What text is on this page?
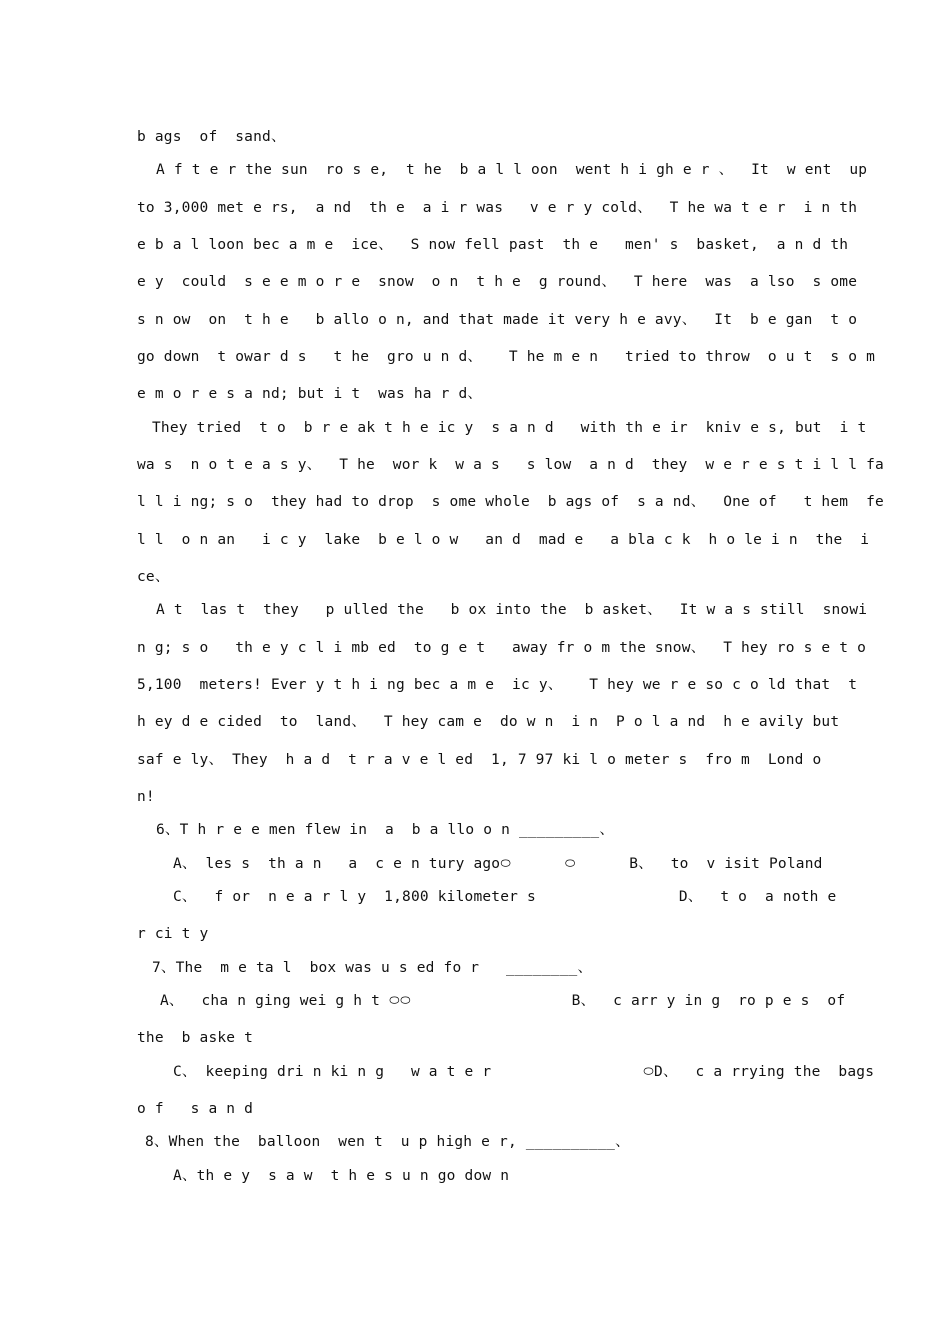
b ags  of  sand、
A f t e r the sun  ro s e,  t he  b a l l oon  went h i gh e r 、  It  w ent  up
to 3,000 met e rs,  a nd  th e  a i r was   v e r y cold、  T he wa t e r  i n th
e b a l loon bec a m e  ice、  S now fell past  th e   men' s  basket,  a n d th
e y  could  s e e m o r e  snow  o n  t h e  g round、  T here  was  a lso  s ome
s n ow  on  t h e   b allo o n, and that made it very h e avy、  It  b e gan  t o
go down  t owar d s   t he  gro u n d、   T he m e n   tried to throw  o u t  s o m
e m o r e s a nd; but i t  was ha r d、
They tried  t o  b r e ak t h e ic y  s a n d   with th e ir  kniv e s, but  i t
wa s  n o t e a s y、  T he  wor k  w a s   s low  a n d  they  w e r e s t i l l fa
l l i ng; s o  they had to drop  s ome whole  b ags of  s a nd、  One of   t hem  fe
l l  o n an   i c y  lake  b e l o w   an d  mad e   a bla c k  h o le i n  the  i
ce、
A t  las t  they   p ulled the   b ox into the  b asket、  It w a s still  snowi
n g; s o   th e y c l i mb ed  to g e t   away fr o m the snow、  T hey ro s e t o
5,100  meters! Ever y t h i ng bec a m e  ic y、   T hey we r e so c o ld that  t
h ey d e cided  to  land、  T hey cam e  do w n  i n  P o l a nd  h e avily but
saf e ly、 They  h a d  t r a v e l ed  1, 7 97 ki l o meter s  fro m  Lond o
n!
6、T h r e e men flew in  a  b a llo o n _________、
A、 les s  th a n   a  c e n tury ago࿀      ࿀      B、  to  v isit Poland
C、  f or  n e a r l y  1,800 kilometer s                D、  t o  a noth e
r ci t y
7、The  m e ta l  box was u s ed fo r   ________、
A、  cha n ging wei g h t ࿀࿀                  B、  c arr y in g  ro p e s  of
the  b aske t
C、 keeping dri n ki n g   w a t e r                 ࿀D、  c a rrying the  bags
o f   s a n d
8、When the  balloon  wen t  u p high e r, __________、
A、th e y  s a w  t h e s u n go dow n
